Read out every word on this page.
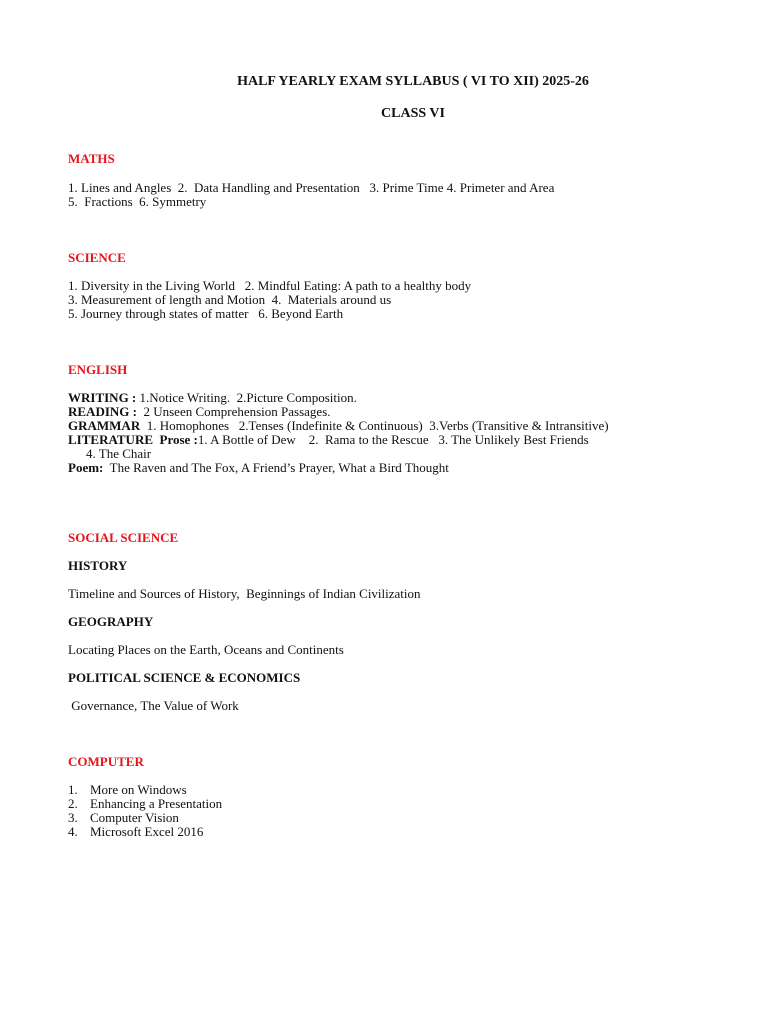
HALF YEARLY EXAM SYLLABUS ( VI TO XII) 2025-26
CLASS VI
MATHS
1. Lines and Angles  2.  Data Handling and Presentation   3. Prime Time 4. Primeter and Area
5.  Fractions  6. Symmetry
SCIENCE
1. Diversity in the Living World   2. Mindful Eating: A path to a healthy body
3. Measurement of length and Motion  4.  Materials around us
5. Journey through states of matter   6. Beyond Earth
ENGLISH
WRITING : 1.Notice Writing.  2.Picture Composition.
READING :  2 Unseen Comprehension Passages.
GRAMMAR  1. Homophones   2.Tenses (Indefinite & Continuous)  3.Verbs (Transitive & Intransitive)
LITERATURE  Prose :1. A Bottle of Dew    2.  Rama to the Rescue   3. The Unlikely Best Friends
4. The Chair
Poem:  The Raven and The Fox, A Friend’s Prayer, What a Bird Thought
SOCIAL SCIENCE
HISTORY
Timeline and Sources of History,  Beginnings of Indian Civilization
GEOGRAPHY
Locating Places on the Earth, Oceans and Continents
POLITICAL SCIENCE & ECONOMICS
Governance, The Value of Work
COMPUTER
1. More on Windows
2. Enhancing a Presentation
3. Computer Vision
4. Microsoft Excel 2016
